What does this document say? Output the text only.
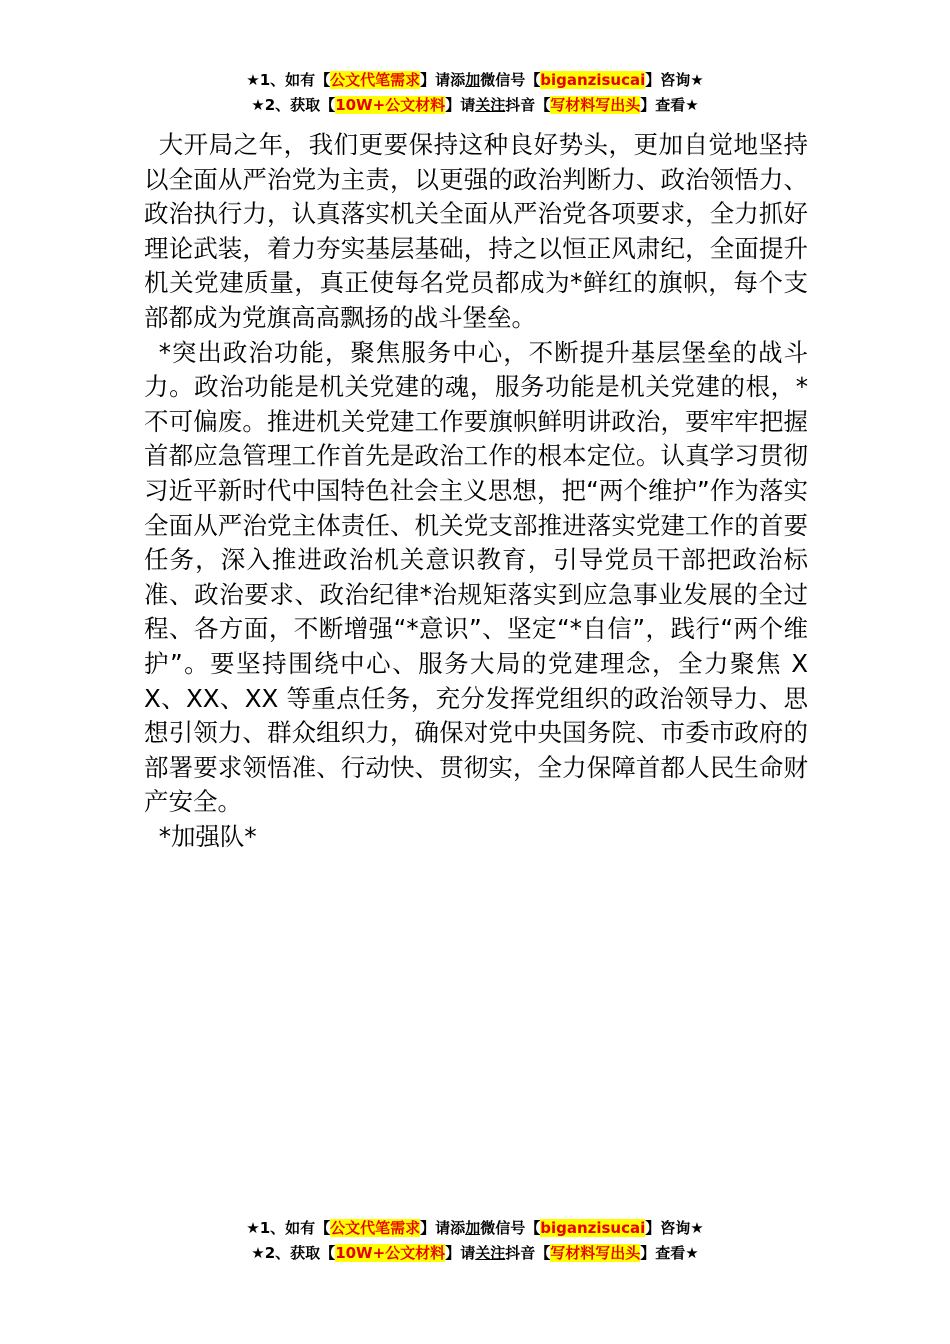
★1、如有【公文代笔需求】请添加微信号【biganzisucai】咨询★
★2、获取【10W+公文材料】请关注抖音【写材料写出头】查看★

大开局之年，我们更要保持这种良好势头，更加自觉地坚持以全面从严治党为主责，以更强的政治判断力、政治领悟力、政治执行力，认真落实机关全面从严治党各项要求，全力抓好理论武装，着力夯实基层基础，持之以恒正风肃纪，全面提升机关党建质量，真正使每名党员都成为*鲜红的旗帜，每个支部都成为党旗高高飘扬的战斗堡垒。

*突出政治功能，聚焦服务中心，不断提升基层堡垒的战斗力。政治功能是机关党建的魂，服务功能是机关党建的根，*不可偏废。推进机关党建工作要旗帜鲜明讲政治，要牢牢把握首都应急管理工作首先是政治工作的根本定位。认真学习贯彻习近平新时代中国特色社会主义思想，把“两个维护”作为落实全面从严治党主体责任、机关党支部推进落实党建工作的首要任务，深入推进政治机关意识教育，引导党员干部把政治标准、政治要求、政治纪律*治规矩落实到应急事业发展的全过程、各方面，不断增强“*意识”、坚定“*自信”，践行“两个维护”。要坚持围绕中心、服务大局的党建理念，全力聚焦 XX、XX、XX 等重点任务，充分发挥党组织的政治领导力、思想引领力、群众组织力，确保对党中央国务院、市委市政府的部署要求领悟准、行动快、贯彻实，全力保障首都人民生命财产安全。

*加强队*

★1、如有【公文代笔需求】请添加微信号【biganzisucai】咨询★
★2、获取【10W+公文材料】请关注抖音【写材料写出头】查看★
